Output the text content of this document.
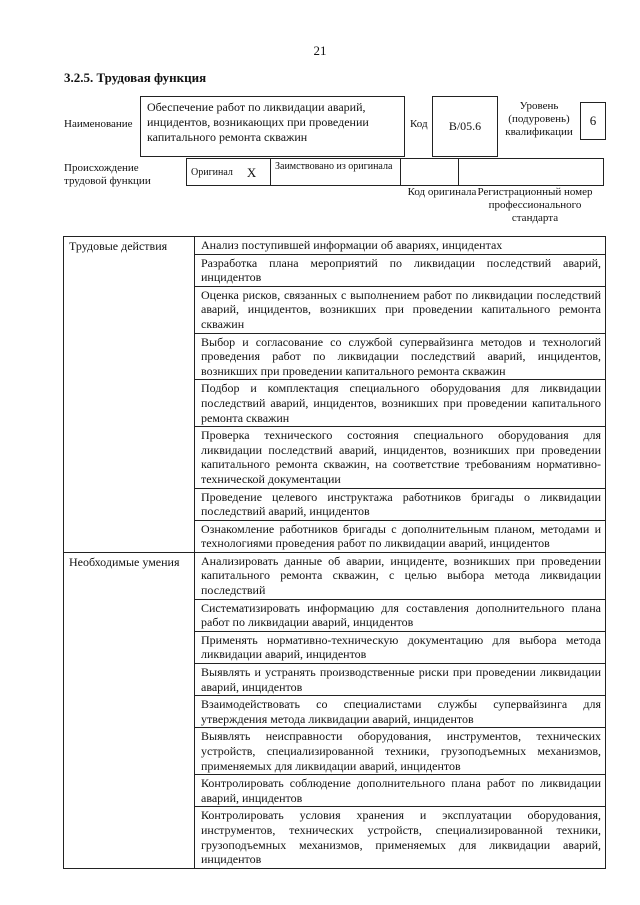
21
3.2.5. Трудовая функция
Наименование
Обеспечение работ по ликвидации аварий, инцидентов, возникающих при проведении капитального ремонта скважин
Код	B/05.6
Уровень (подуровень) квалификации
6
Происхождение трудовой функции
Оригинал X	Заимствовано из оригинала
Код оригинала Регистрационный номер профессионального стандарта
Трудовые действия	Анализ поступившей информации об авариях, инцидентах
Разработка плана мероприятий по ликвидации последствий аварий, инцидентов
Оценка рисков, связанных с выполнением работ по ликвидации последствий аварий, инцидентов, возникших при проведении капитального ремонта скважин
Выбор и согласование со службой супервайзинга методов и технологий проведения работ по ликвидации последствий аварий, инцидентов, возникших при проведении капитального ремонта скважин
Подбор и комплектация специального оборудования для ликвидации последствий аварий, инцидентов, возникших при проведении капитального ремонта скважин
Проверка технического состояния специального оборудования для ликвидации последствий аварий, инцидентов, возникших при проведении капитального ремонта скважин, на соответствие требованиям нормативно-технической документации
Проведение целевого инструктажа работников бригады о ликвидации последствий аварий, инцидентов
Ознакомление работников бригады с дополнительным планом, методами и технологиями проведения работ по ликвидации аварий, инцидентов
Необходимые умения	Анализировать данные об аварии, инциденте, возникших при проведении капитального ремонта скважин, с целью выбора метода ликвидации последствий
Систематизировать информацию для составления дополнительного плана работ по ликвидации аварий, инцидентов
Применять нормативно-техническую документацию для выбора метода ликвидации аварий, инцидентов
Выявлять и устранять производственные риски при проведении ликвидации аварий, инцидентов
Взаимодействовать со специалистами службы супервайзинга для утверждения метода ликвидации аварий, инцидентов
Выявлять неисправности оборудования, инструментов, технических устройств, специализированной техники, грузоподъемных механизмов, применяемых для ликвидации аварий, инцидентов
Контролировать соблюдение дополнительного плана работ по ликвидации аварий, инцидентов
Контролировать условия хранения и эксплуатации оборудования, инструментов, технических устройств, специализированной техники, грузоподъемных механизмов, применяемых для ликвидации аварий, инцидентов
